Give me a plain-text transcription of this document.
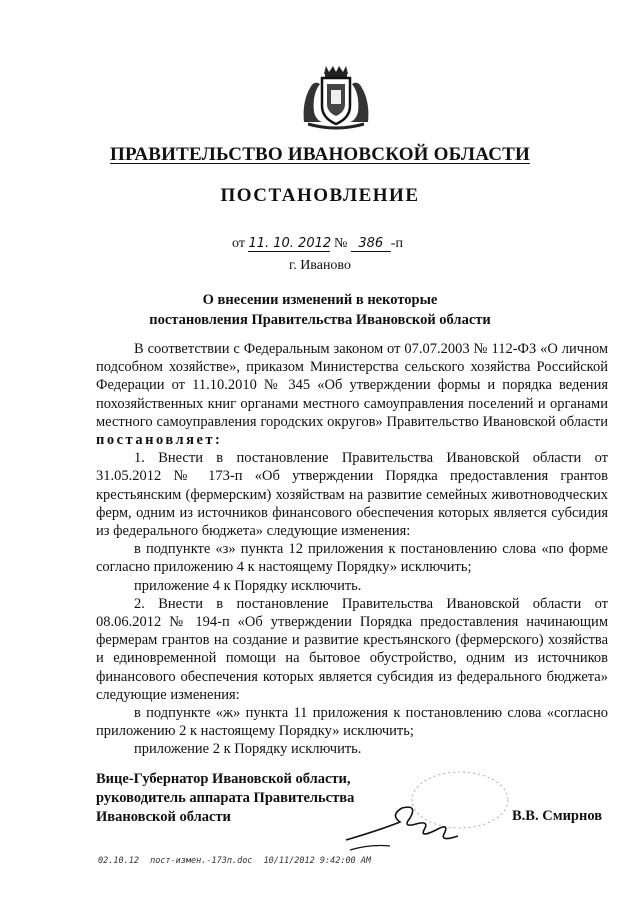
ПРАВИТЕЛЬСТВО ИВАНОВСКОЙ ОБЛАСТИ
ПОСТАНОВЛЕНИЕ
от 11. 10. 2012 № 386 -п
г. Иваново
О внесении изменений в некоторые
постановления Правительства Ивановской области

В соответствии с Федеральным законом от 07.07.2003 № 112-ФЗ «О личном подсобном хозяйстве», приказом Министерства сельского хозяйства Российской Федерации от 11.10.2010 № 345 «Об утверждении формы и порядка ведения похозяйственных книг органами местного самоуправления поселений и органами местного самоуправления городских округов» Правительство Ивановской области постановляет:

1. Внести в постановление Правительства Ивановской области от 31.05.2012 № 173-п «Об утверждении Порядка предоставления грантов крестьянским (фермерским) хозяйствам на развитие семейных животноводческих ферм, одним из источников финансового обеспечения которых является субсидия из федерального бюджета» следующие изменения:

в подпункте «з» пункта 12 приложения к постановлению слова «по форме согласно приложению 4 к настоящему Порядку» исключить;

приложение 4 к Порядку исключить.

2. Внести в постановление Правительства Ивановской области от 08.06.2012 № 194-п «Об утверждении Порядка предоставления начинающим фермерам грантов на создание и развитие крестьянского (фермерского) хозяйства и единовременной помощи на бытовое обустройство, одним из источников финансового обеспечения которых является субсидия из федерального бюджета» следующие изменения:

в подпункте «ж» пункта 11 приложения к постановлению слова «согласно приложению 2 к настоящему Порядку» исключить;

приложение 2 к Порядку исключить.

Вице-Губернатор Ивановской области,
руководитель аппарата Правительства
Ивановской области	В.В. Смирнов
02.10.12 пост-измен.-173п.doc 10/11/2012 9:42:00 AM
